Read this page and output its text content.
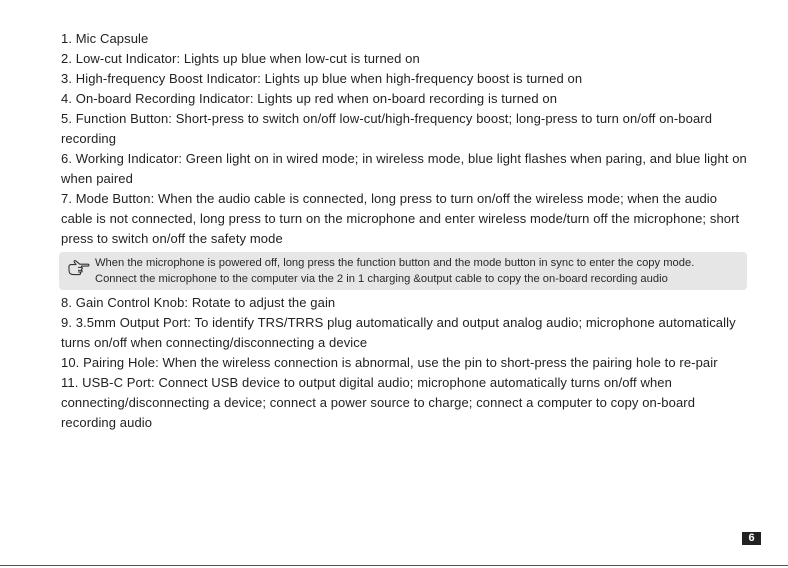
1. Mic Capsule

2. Low-cut Indicator: Lights up blue when low-cut is turned on

3. High-frequency Boost Indicator: Lights up blue when high-frequency boost is turned on

4. On-board Recording Indicator: Lights up red when on-board recording is turned on

5. Function Button: Short-press to switch on/off low-cut/high-frequency boost; long-press to turn on/off on-board recording

6. Working Indicator: Green light on in wired mode; in wireless mode, blue light flashes when paring, and blue light on when paired

7. Mode Button: When the audio cable is connected, long press to turn on/off the wireless mode; when the audio cable is not connected, long press to turn on the microphone and enter wireless mode/turn off the microphone; short press to switch on/off the safety mode

When the microphone is powered off, long press the function button and the mode button in sync to enter the copy mode. Connect the microphone to the computer via the 2 in 1 charging &output cable to copy the on-board recording audio

8. Gain Control Knob: Rotate to adjust the gain

9. 3.5mm Output Port: To identify TRS/TRRS plug automatically and output analog audio; microphone automatically turns on/off when connecting/disconnecting a device

10. Pairing Hole: When the wireless connection is abnormal, use the pin to short-press the pairing hole to re-pair

11. USB-C Port: Connect USB device to output digital audio; microphone automatically turns on/off when connecting/disconnecting a device; connect a power source to charge; connect a computer to copy on-board recording audio

6
